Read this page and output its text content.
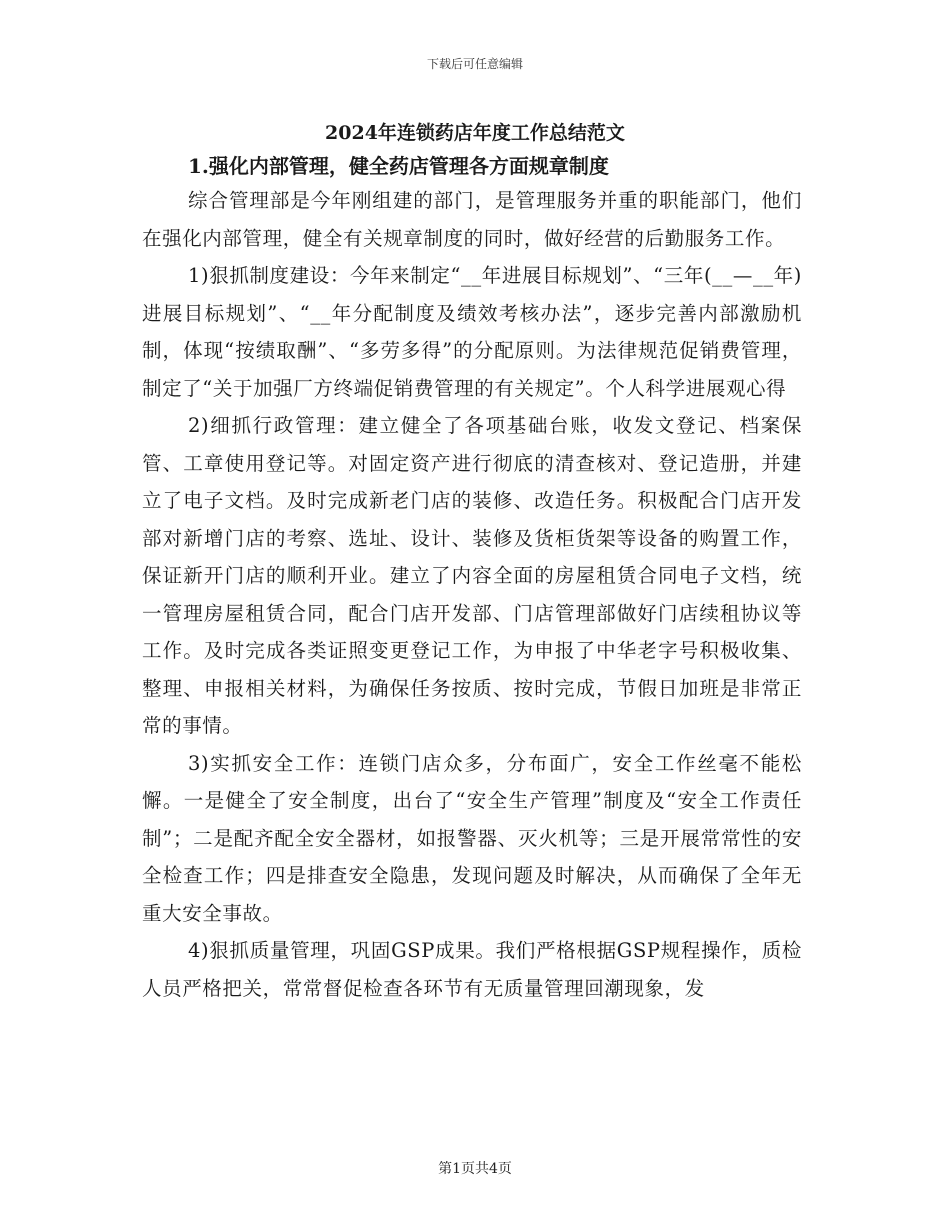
下载后可任意编辑
2024年连锁药店年度工作总结范文
1.强化内部管理，健全药店管理各方面规章制度

综合管理部是今年刚组建的部门，是管理服务并重的职能部门，他们在强化内部管理，健全有关规章制度的同时，做好经营的后勤服务工作。

1)狠抓制度建设：今年来制定“__年进展目标规划”、“三年(__—__年)进展目标规划”、“__年分配制度及绩效考核办法”，逐步完善内部激励机制，体现“按绩取酬”、“多劳多得”的分配原则。为法律规范促销费管理，制定了“关于加强厂方终端促销费管理的有关规定”。个人科学进展观心得

2)细抓行政管理：建立健全了各项基础台账，收发文登记、档案保管、工章使用登记等。对固定资产进行彻底的清查核对、登记造册，并建立了电子文档。及时完成新老门店的装修、改造任务。积极配合门店开发部对新增门店的考察、选址、设计、装修及货柜货架等设备的购置工作，保证新开门店的顺利开业。建立了内容全面的房屋租赁合同电子文档，统一管理房屋租赁合同，配合门店开发部、门店管理部做好门店续租协议等工作。及时完成各类证照变更登记工作，为申报了中华老字号积极收集、整理、申报相关材料，为确保任务按质、按时完成，节假日加班是非常正常的事情。

3)实抓安全工作：连锁门店众多，分布面广，安全工作丝毫不能松懈。一是健全了安全制度，出台了“安全生产管理”制度及“安全工作责任制”；二是配齐配全安全器材，如报警器、灭火机等；三是开展常常性的安全检查工作；四是排查安全隐患，发现问题及时解决，从而确保了全年无重大安全事故。

4)狠抓质量管理，巩固GSP成果。我们严格根据GSP规程操作，质检人员严格把关，常常督促检查各环节有无质量管理回潮现象，发

第1页共4页
